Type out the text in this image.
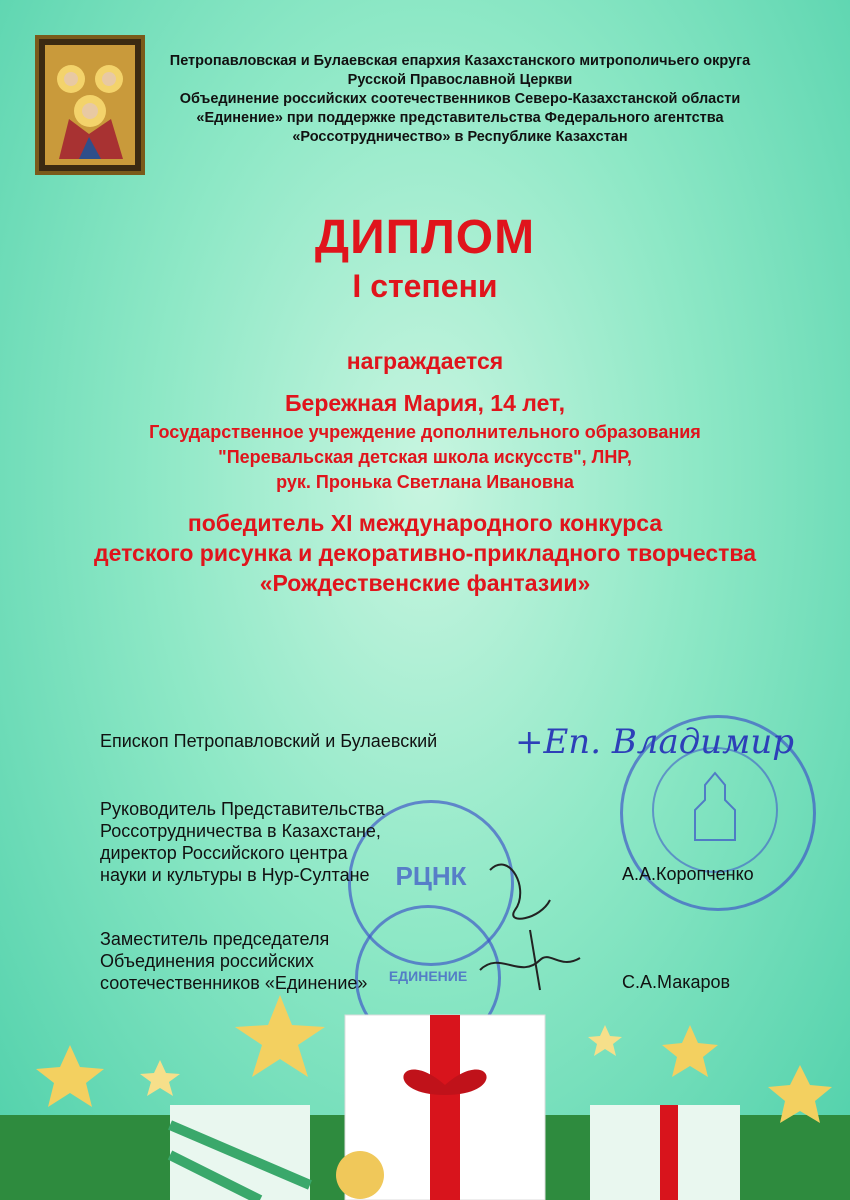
Петропавловская и Булаевская епархия Казахстанского митрополичьего округа
Русской Православной Церкви
Объединение российских соотечественников Северо-Казахстанской области
«Единение» при поддержке представительства Федерального агентства
«Россотрудничество» в Республике Казахстан
ДИПЛОМ
I степени
награждается
Бережная Мария, 14 лет,
Государственное учреждение дополнительного образования
"Перевальская детская школа искусств", ЛНР,
рук. Пронька Светлана Ивановна
победитель XI международного конкурса
детского рисунка и декоративно-прикладного творчества
«Рождественские фантазии»
РЦНК
ЕДИНЕНИЕ
Епископ Петропавловский и Булаевский +Еп. Владимир
Руководитель Представительства
Россотрудничества в Казахстане,
директор Российского центра
науки и культуры в Нур-Султане	А.А.Коропченко
Заместитель председателя
Объединения российских
соотечественников «Единение»	С.А.Макаров
